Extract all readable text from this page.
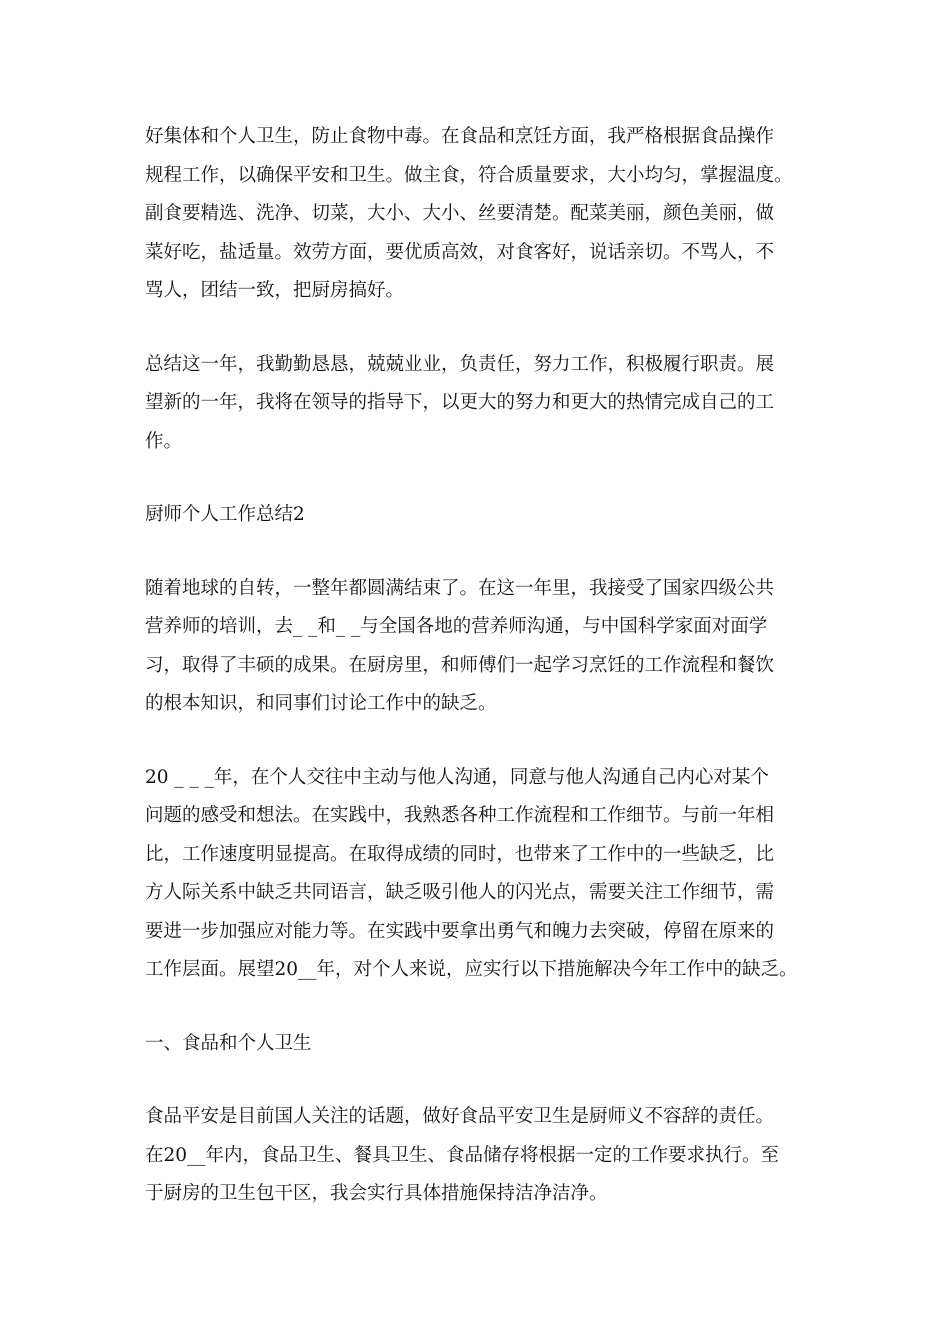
好集体和个人卫生，防止食物中毒。在食品和烹饪方面，我严格根据食品操作
规程工作，以确保平安和卫生。做主食，符合质量要求，大小均匀，掌握温度。
副食要精选、洗净、切菜，大小、大小、丝要清楚。配菜美丽，颜色美丽，做
菜好吃，盐适量。效劳方面，要优质高效，对食客好，说话亲切。不骂人，不
骂人，团结一致，把厨房搞好。
总结这一年，我勤勤恳恳，兢兢业业，负责任，努力工作，积极履行职责。展
望新的一年，我将在领导的指导下，以更大的努力和更大的热情完成自己的工
作。
厨师个人工作总结2
随着地球的自转，一整年都圆满结束了。在这一年里，我接受了国家四级公共
营养师的培训，去_ _和_ _与全国各地的营养师沟通，与中国科学家面对面学
习，取得了丰硕的成果。在厨房里，和师傅们一起学习烹饪的工作流程和餐饮
的根本知识，和同事们讨论工作中的缺乏。
20 _ _ _年，在个人交往中主动与他人沟通，同意与他人沟通自己内心对某个
问题的感受和想法。在实践中，我熟悉各种工作流程和工作细节。与前一年相
比，工作速度明显提高。在取得成绩的同时，也带来了工作中的一些缺乏，比
方人际关系中缺乏共同语言，缺乏吸引他人的闪光点，需要关注工作细节，需
要进一步加强应对能力等。在实践中要拿出勇气和魄力去突破，停留在原来的
工作层面。展望20__年，对个人来说，应实行以下措施解决今年工作中的缺乏。
一、食品和个人卫生
食品平安是目前国人关注的话题，做好食品平安卫生是厨师义不容辞的责任。
在20__年内，食品卫生、餐具卫生、食品储存将根据一定的工作要求执行。至
于厨房的卫生包干区，我会实行具体措施保持洁净洁净。
